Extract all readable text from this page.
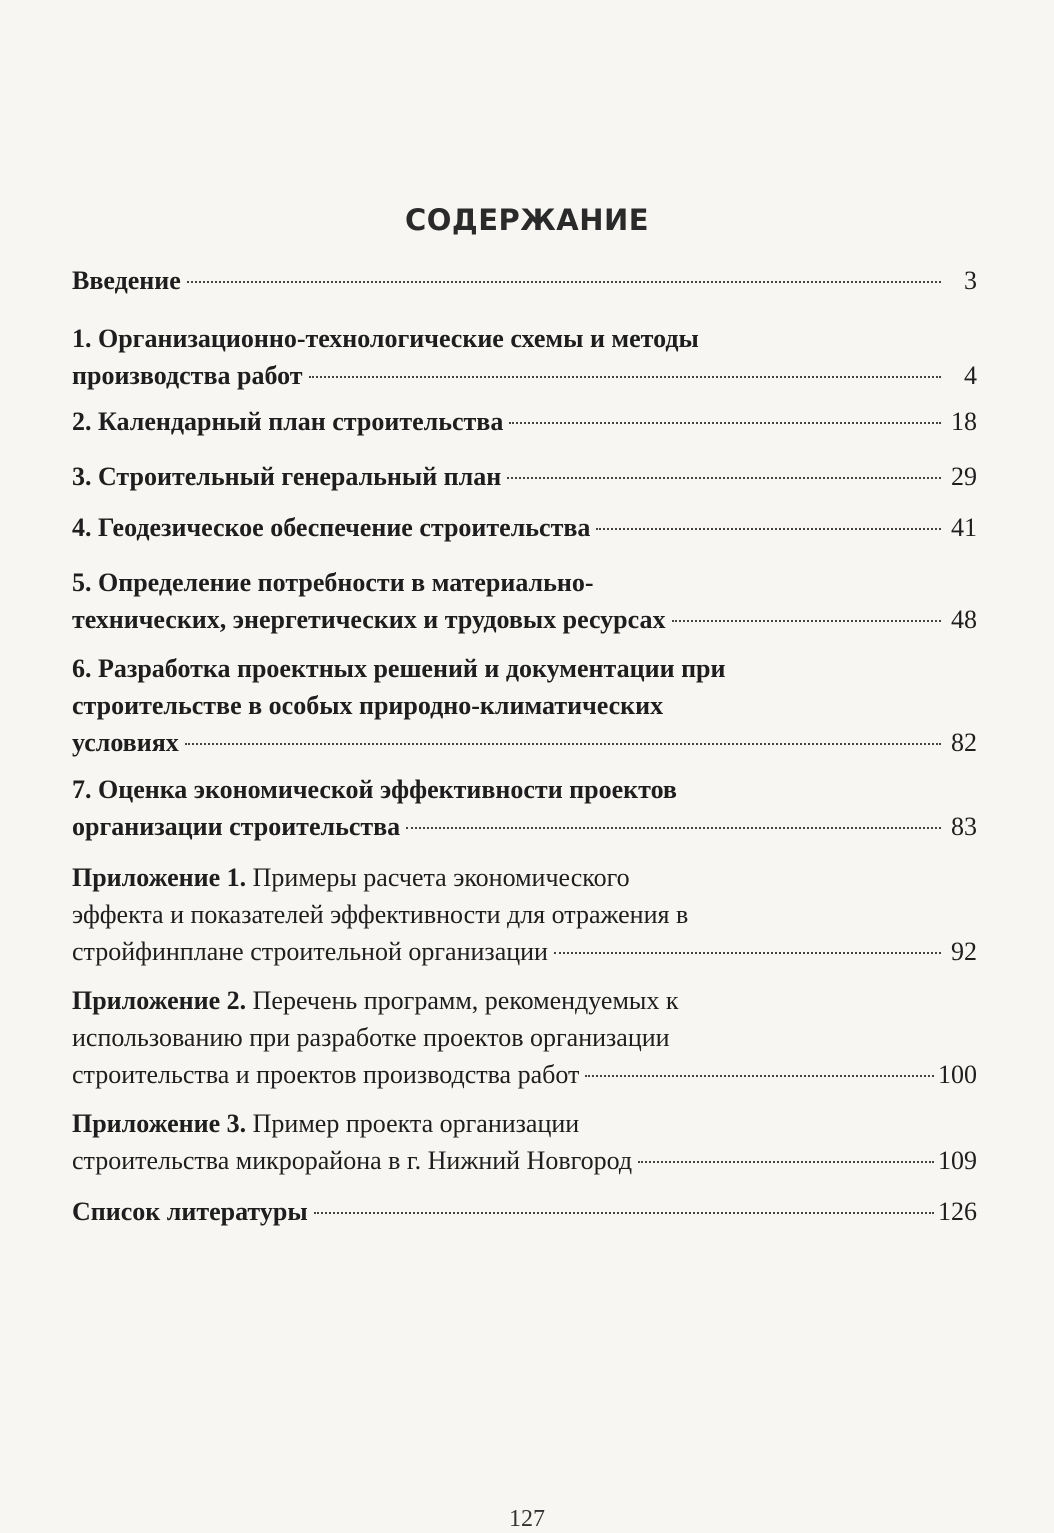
СОДЕРЖАНИЕ
Введение	3
1. Организационно-технологические схемы и методы
производства работ	4
2. Календарный план строительства	18
3. Строительный генеральный план	29
4. Геодезическое обеспечение строительства	41
5. Определение потребности в материально-
технических, энергетических и трудовых ресурсах	48
6. Разработка проектных решений и документации при
строительстве в особых природно-климатических
условиях	82
7. Оценка экономической эффективности проектов
организации строительства	83
Приложение 1. Примеры расчета экономического
эффекта и показателей эффективности для отражения в
стройфинплане строительной организации	92
Приложение 2. Перечень программ, рекомендуемых к
использованию при разработке проектов организации
строительства и проектов производства работ	100
Приложение 3. Пример проекта организации
строительства микрорайона в г. Нижний Новгород	109
Список литературы	126
127
